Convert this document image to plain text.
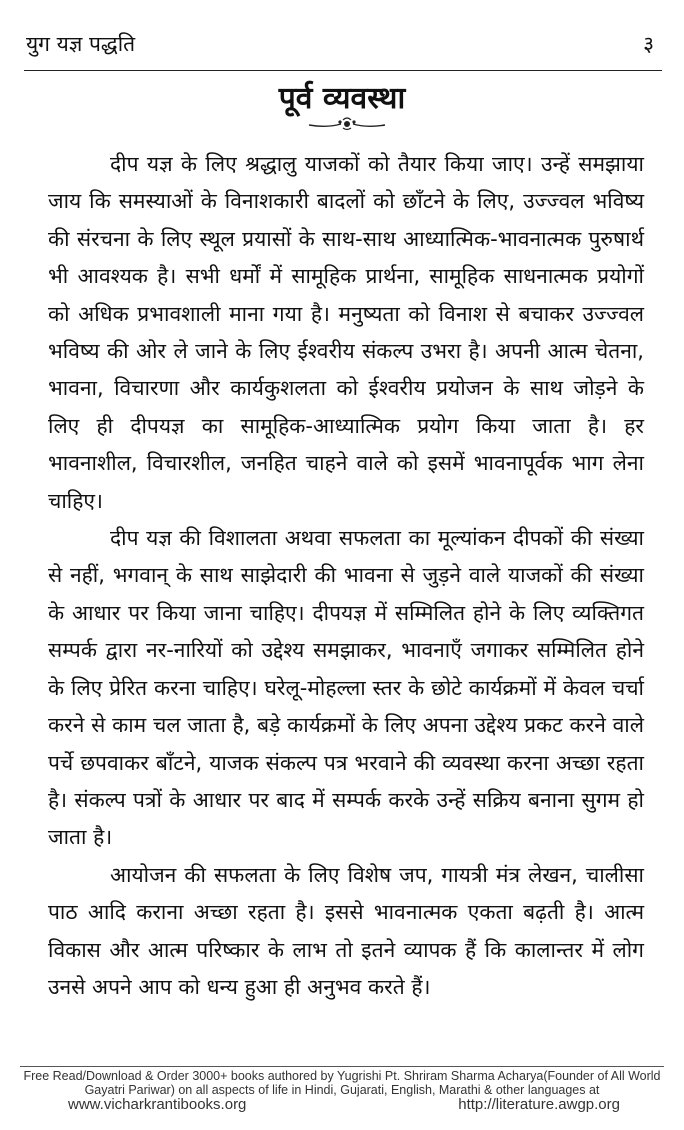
युग यज्ञ पद्धति	३
पूर्व व्यवस्था

दीप यज्ञ के लिए श्रद्धालु याजकों को तैयार किया जाए। उन्हें समझाया जाय कि समस्याओं के विनाशकारी बादलों को छाँटने के लिए, उज्ज्वल भविष्य की संरचना के लिए स्थूल प्रयासों के साथ-साथ आध्यात्मिक-भावनात्मक पुरुषार्थ भी आवश्यक है। सभी धर्मों में सामूहिक प्रार्थना, सामूहिक साधनात्मक प्रयोगों को अधिक प्रभावशाली माना गया है। मनुष्यता को विनाश से बचाकर उज्ज्वल भविष्य की ओर ले जाने के लिए ईश्वरीय संकल्प उभरा है। अपनी आत्म चेतना, भावना, विचारणा और कार्यकुशलता को ईश्वरीय प्रयोजन के साथ जोड़ने के लिए ही दीपयज्ञ का सामूहिक-आध्यात्मिक प्रयोग किया जाता है। हर भावनाशील, विचारशील, जनहित चाहने वाले को इसमें भावनापूर्वक भाग लेना चाहिए।

दीप यज्ञ की विशालता अथवा सफलता का मूल्यांकन दीपकों की संख्या से नहीं, भगवान् के साथ साझेदारी की भावना से जुड़ने वाले याजकों की संख्या के आधार पर किया जाना चाहिए। दीपयज्ञ में सम्मिलित होने के लिए व्यक्तिगत सम्पर्क द्वारा नर-नारियों को उद्देश्य समझाकर, भावनाएँ जगाकर सम्मिलित होने के लिए प्रेरित करना चाहिए। घरेलू-मोहल्ला स्तर के छोटे कार्यक्रमों में केवल चर्चा करने से काम चल जाता है, बड़े कार्यक्रमों के लिए अपना उद्देश्य प्रकट करने वाले पर्चे छपवाकर बाँटने, याजक संकल्प पत्र भरवाने की व्यवस्था करना अच्छा रहता है। संकल्प पत्रों के आधार पर बाद में सम्पर्क करके उन्हें सक्रिय बनाना सुगम हो जाता है।

आयोजन की सफलता के लिए विशेष जप, गायत्री मंत्र लेखन, चालीसा पाठ आदि कराना अच्छा रहता है। इससे भावनात्मक एकता बढ़ती है। आत्म विकास और आत्म परिष्कार के लाभ तो इतने व्यापक हैं कि कालान्तर में लोग उनसे अपने आप को धन्य हुआ ही अनुभव करते हैं।

Free Read/Download & Order 3000+ books authored by Yugrishi Pt. Shriram Sharma Acharya(Founder of All World Gayatri Pariwar) on all aspects of life in Hindi, Gujarati, English, Marathi & other languages at
www.vicharkrantibooks.org	http://literature.awgp.org
